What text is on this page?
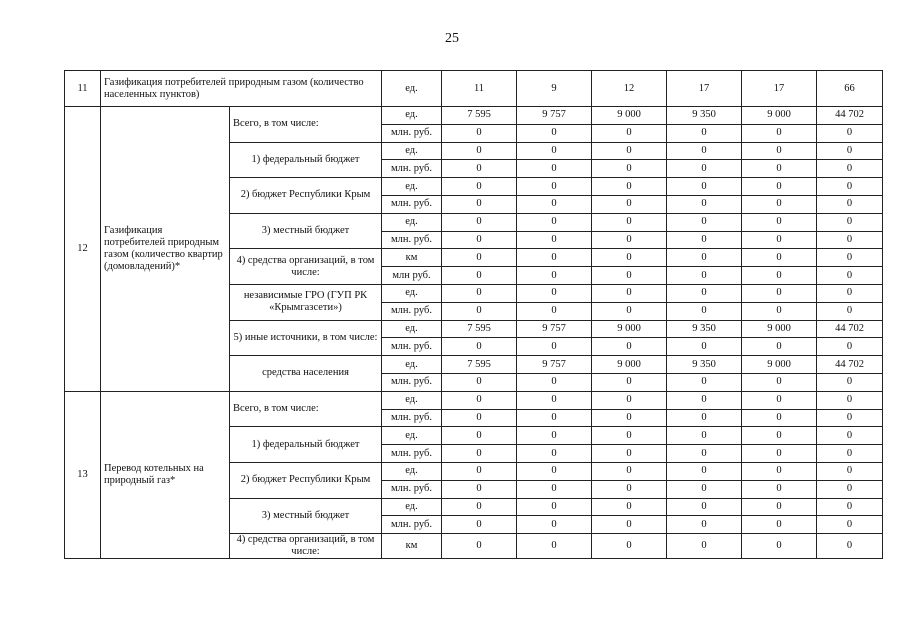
25
11	Газификация потребителей природным газом (количество населенных пунктов)		ед.	11	9	12	17	17	66
12	Газификация потребителей природным газом (количество квартир (домовладений)*	Всего, в том числе:	ед.	7 595	9 757	9 000	9 350	9 000	44 702
			млн. руб.	0	0	0	0	0	0
		1) федеральный бюджет	ед.	0	0	0	0	0	0
			млн. руб.	0	0	0	0	0	0
		2) бюджет Республики Крым	ед.	0	0	0	0	0	0
			млн. руб.	0	0	0	0	0	0
		3) местный бюджет	ед.	0	0	0	0	0	0
			млн. руб.	0	0	0	0	0	0
		4) средства организаций, в том числе:	км	0	0	0	0	0	0
			млн руб.	0	0	0	0	0	0
		независимые ГРО (ГУП РК «Крымгазсети»)	ед.	0	0	0	0	0	0
			млн. руб.	0	0	0	0	0	0
		5) иные источники, в том числе:	ед.	7 595	9 757	9 000	9 350	9 000	44 702
			млн. руб.	0	0	0	0	0	0
		средства населения	ед.	7 595	9 757	9 000	9 350	9 000	44 702
			млн. руб.	0	0	0	0	0	0
13	Перевод котельных на природный газ*	Всего, в том числе:	ед.	0	0	0	0	0	0
			млн. руб.	0	0	0	0	0	0
		1) федеральный бюджет	ед.	0	0	0	0	0	0
			млн. руб.	0	0	0	0	0	0
		2) бюджет Республики Крым	ед.	0	0	0	0	0	0
			млн. руб.	0	0	0	0	0	0
		3) местный бюджет	ед.	0	0	0	0	0	0
			млн. руб.	0	0	0	0	0	0
		4) средства организаций, в том числе:	км	0	0	0	0	0	0
